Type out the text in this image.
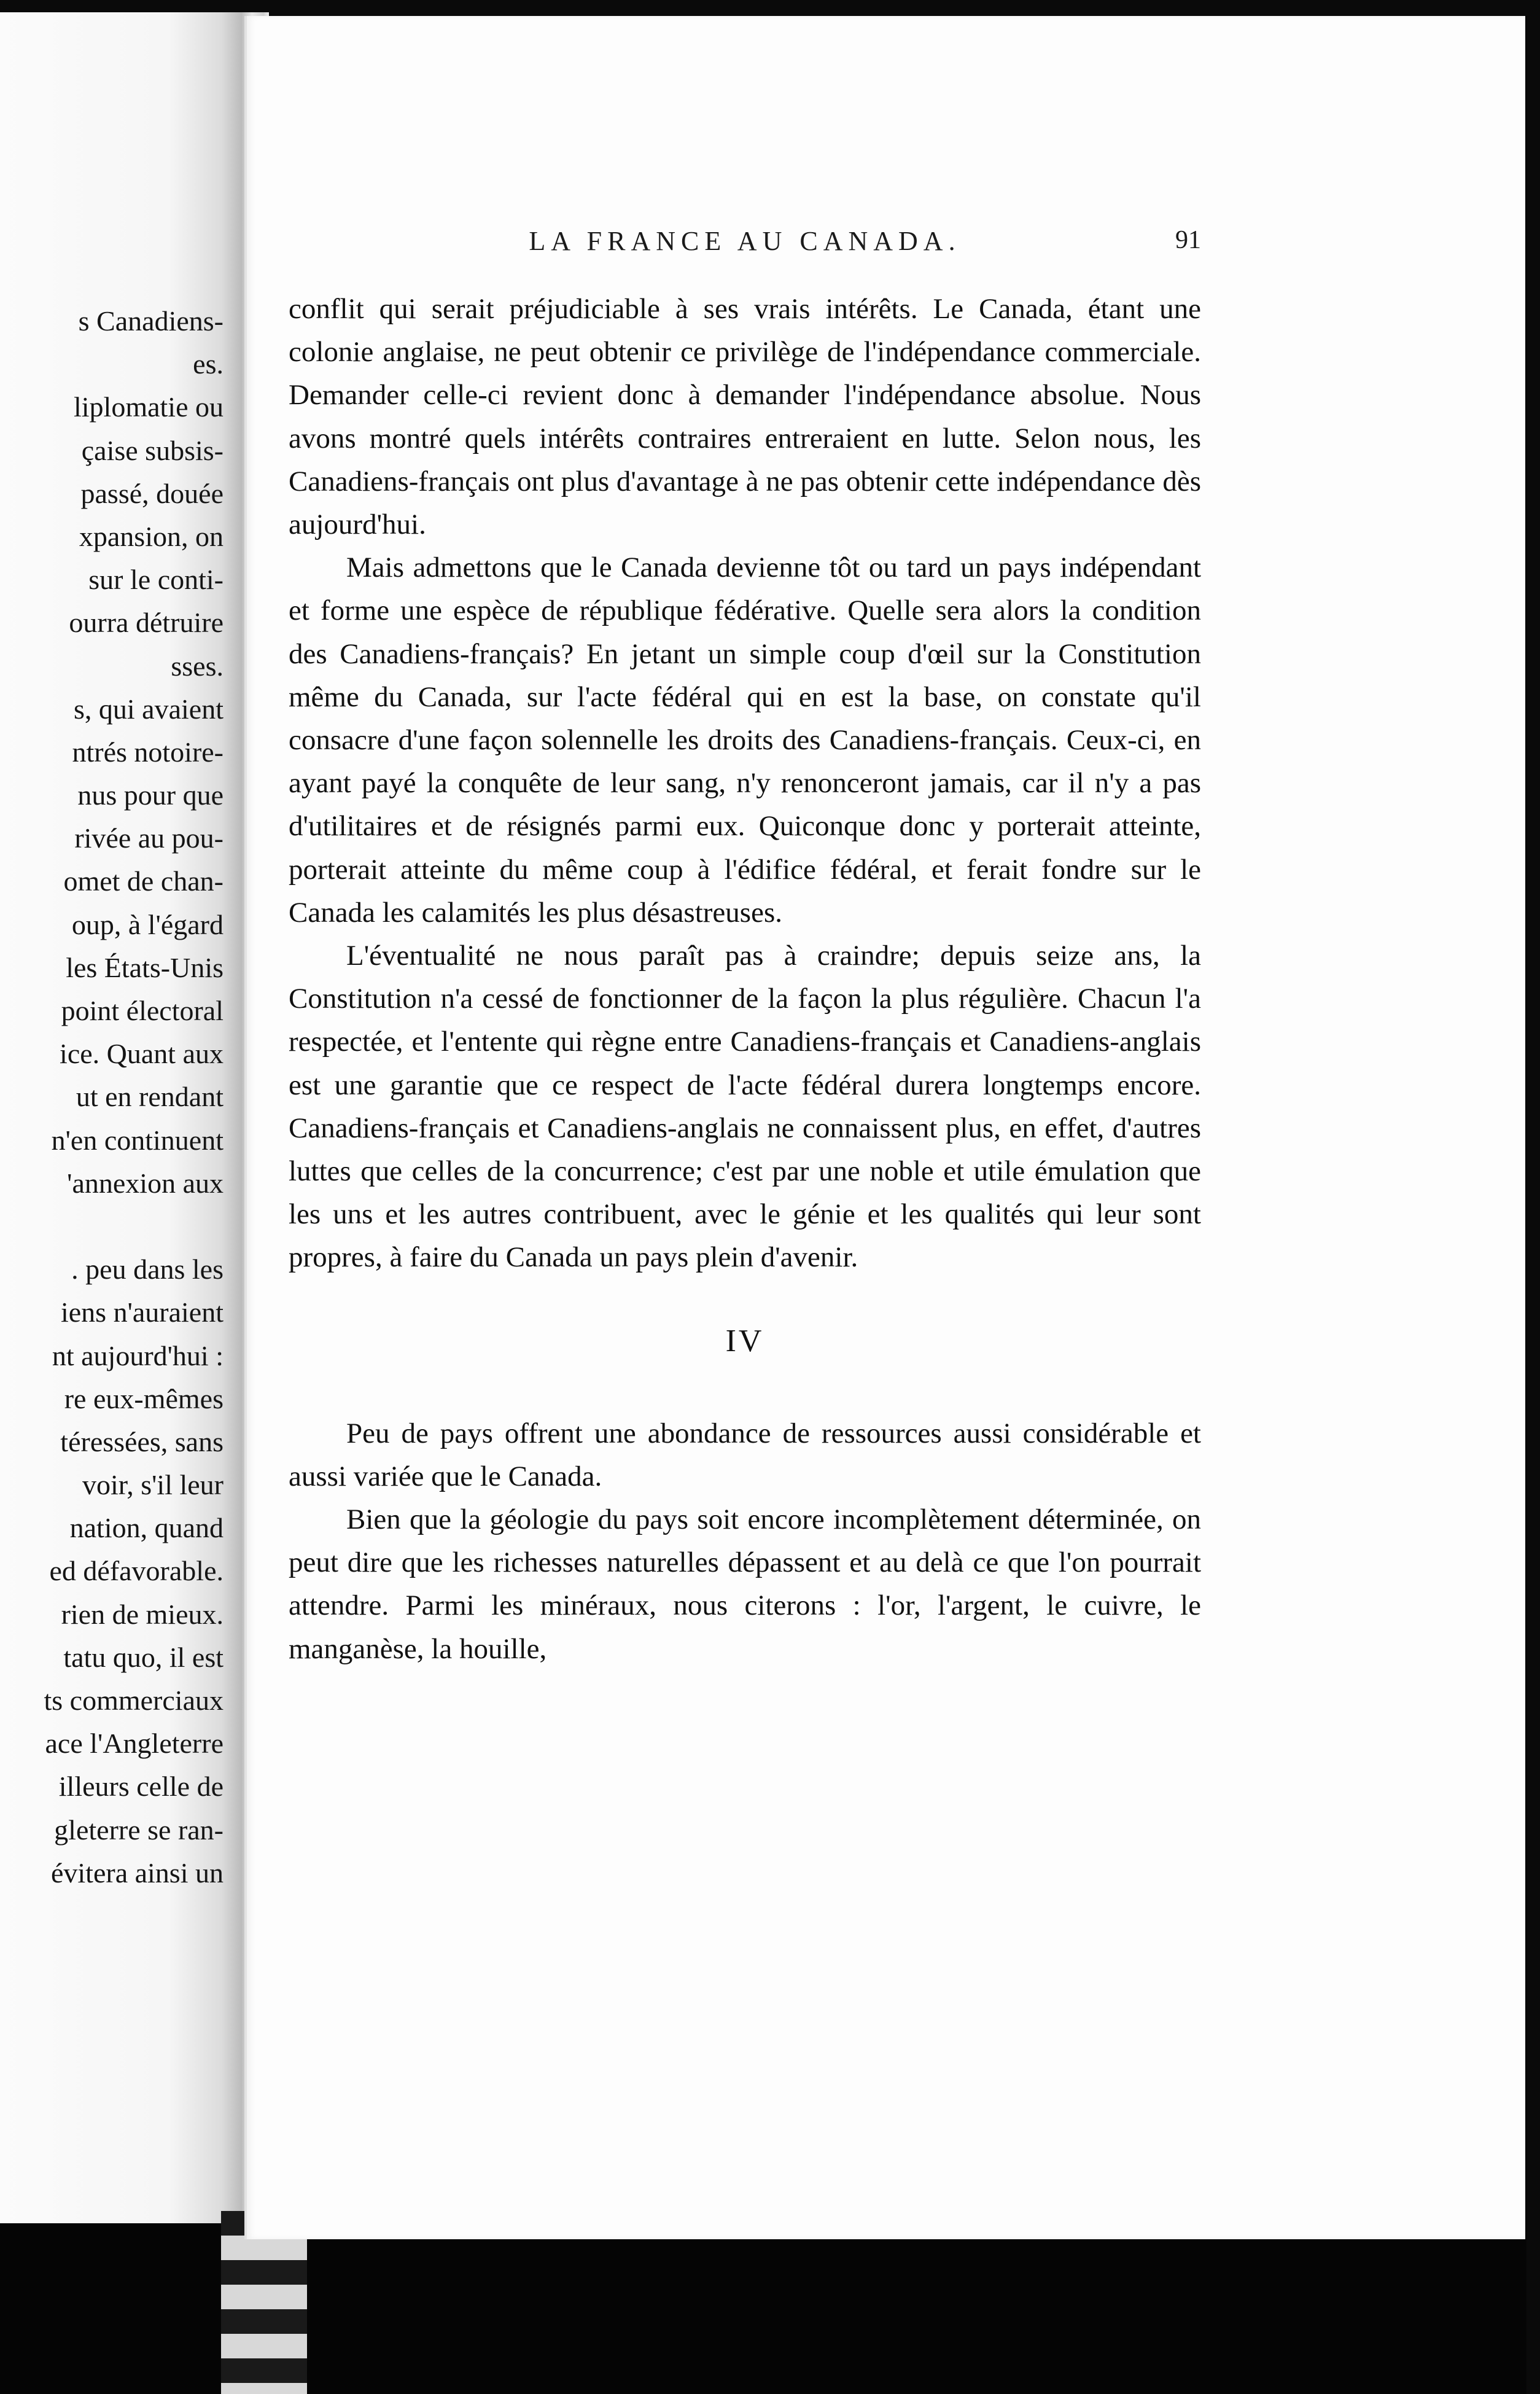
s Canadiens-
es.
liplomatie ou
çaise subsis-
passé, douée
xpansion, on
sur le conti-
ourra détruire
sses.
s, qui avaient
ntrés notoire-
nus pour que
rivée au pou-
omet de chan-
oup, à l'égard
les États-Unis
point électoral
ice. Quant aux
ut en rendant
n'en continuent
'annexion aux
. peu dans les
iens n'auraient
nt aujourd'hui :
re eux-mêmes
téressées, sans
voir, s'il leur
nation, quand
ed défavorable.
rien de mieux.
tatu quo, il est
ts commerciaux
ace l'Angleterre
illeurs celle de
gleterre se ran-
évitera ainsi un
LA FRANCE AU CANADA.	91

conflit qui serait préjudiciable à ses vrais intérêts. Le Canada, étant une colonie anglaise, ne peut obtenir ce privilège de l'indépendance commerciale. Demander celle-ci revient donc à demander l'indépendance absolue. Nous avons montré quels intérêts contraires entreraient en lutte. Selon nous, les Canadiens-français ont plus d'avantage à ne pas obtenir cette indépendance dès aujourd'hui.

Mais admettons que le Canada devienne tôt ou tard un pays indépendant et forme une espèce de république fédérative. Quelle sera alors la condition des Canadiens-français? En jetant un simple coup d'œil sur la Constitution même du Canada, sur l'acte fédéral qui en est la base, on constate qu'il consacre d'une façon solennelle les droits des Canadiens-français. Ceux-ci, en ayant payé la conquête de leur sang, n'y renonceront jamais, car il n'y a pas d'utilitaires et de résignés parmi eux. Quiconque donc y porterait atteinte, porterait atteinte du même coup à l'édifice fédéral, et ferait fondre sur le Canada les calamités les plus désastreuses.

L'éventualité ne nous paraît pas à craindre; depuis seize ans, la Constitution n'a cessé de fonctionner de la façon la plus régulière. Chacun l'a respectée, et l'entente qui règne entre Canadiens-français et Canadiens-anglais est une garantie que ce respect de l'acte fédéral durera longtemps encore. Canadiens-français et Canadiens-anglais ne connaissent plus, en effet, d'autres luttes que celles de la concurrence; c'est par une noble et utile émulation que les uns et les autres contribuent, avec le génie et les qualités qui leur sont propres, à faire du Canada un pays plein d'avenir.

IV

Peu de pays offrent une abondance de ressources aussi considérable et aussi variée que le Canada.

Bien que la géologie du pays soit encore incomplètement déterminée, on peut dire que les richesses naturelles dépassent et au delà ce que l'on pourrait attendre. Parmi les minéraux, nous citerons : l'or, l'argent, le cuivre, le manganèse, la houille,
